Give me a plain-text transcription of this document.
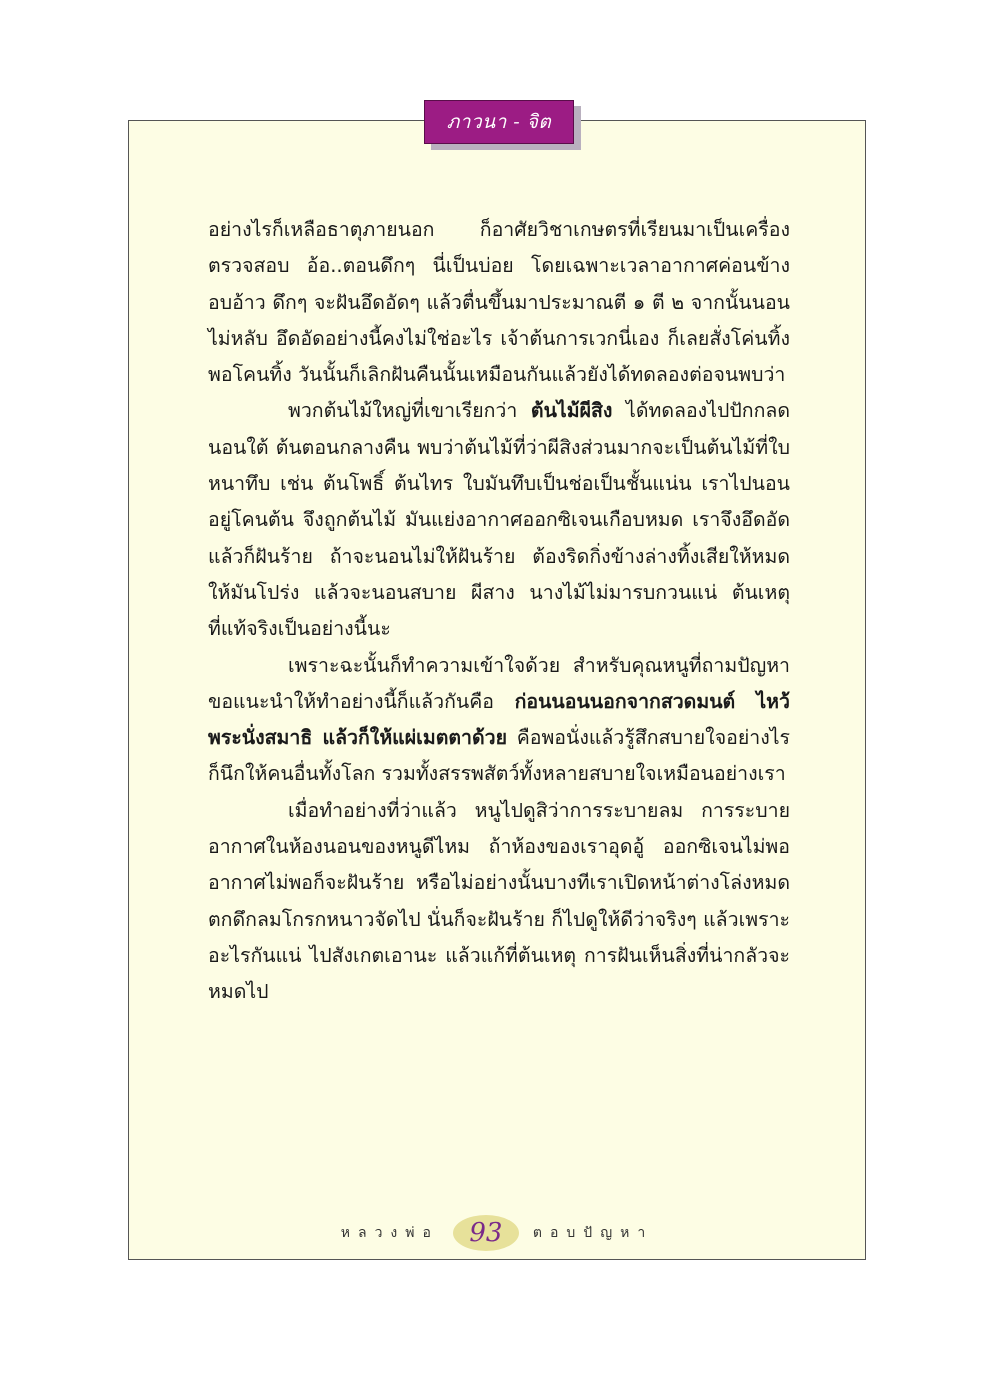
ภาวนา - จิต

อย่างไรก็เหลือธาตุภายนอก ก็อาศัยวิชาเกษตรที่เรียนมาเป็นเครื่องตรวจสอบ อ้อ..ตอนดึกๆ นี่เป็นบ่อย โดยเฉพาะเวลาอากาศค่อนข้างอบอ้าว ดึกๆ จะฝันอึดอัดๆ แล้วตื่นขึ้นมาประมาณตี ๑ ตี ๒ จากนั้นนอนไม่หลับ อึดอัดอย่างนี้คงไม่ใช่อะไร เจ้าต้นการเวกนี่เอง ก็เลยสั่งโค่นทิ้ง พอโคนทิ้ง วันนั้นก็เลิกฝันคืนนั้นเหมือนกันแล้วยังได้ทดลองต่อจนพบว่า

พวกต้นไม้ใหญ่ที่เขาเรียกว่า ต้นไม้ผีสิง ได้ทดลองไปปักกลดนอนใต้ ต้นตอนกลางคืน พบว่าต้นไม้ที่ว่าผีสิงส่วนมากจะเป็นต้นไม้ที่ใบหนาทึบ เช่น ต้นโพธิ์ ต้นไทร ใบมันทึบเป็นช่อเป็นชั้นแน่น เราไปนอนอยู่โคนต้น จึงถูกต้นไม้ มันแย่งอากาศออกซิเจนเกือบหมด เราจึงอึดอัดแล้วก็ฝันร้าย ถ้าจะนอนไม่ให้ฝันร้าย ต้องริดกิ่งข้างล่างทิ้งเสียให้หมด ให้มันโปร่ง แล้วจะนอนสบาย ผีสาง นางไม้ไม่มารบกวนแน่ ต้นเหตุที่แท้จริงเป็นอย่างนี้นะ

เพราะฉะนั้นก็ทำความเข้าใจด้วย สำหรับคุณหนูที่ถามปัญหาขอแนะนำให้ทำอย่างนี้ก็แล้วกันคือ ก่อนนอนนอกจากสวดมนต์ ไหว้พระนั่งสมาธิ แล้วก็ให้แผ่เมตตาด้วย คือพอนั่งแล้วรู้สึกสบายใจอย่างไร ก็นึกให้คนอื่นทั้งโลก รวมทั้งสรรพสัตว์ทั้งหลายสบายใจเหมือนอย่างเรา

เมื่อทำอย่างที่ว่าแล้ว หนูไปดูสิว่าการระบายลม การระบายอากาศในห้องนอนของหนูดีไหม ถ้าห้องของเราอุดอู้ ออกซิเจนไม่พออากาศไม่พอก็จะฝันร้าย หรือไม่อย่างนั้นบางทีเราเปิดหน้าต่างโล่งหมดตกดึกลมโกรกหนาวจัดไป นั่นก็จะฝันร้าย ก็ไปดูให้ดีว่าจริงๆ แล้วเพราะอะไรกันแน่ ไปสังเกตเอานะ แล้วแก้ที่ต้นเหตุ การฝันเห็นสิ่งที่น่ากลัวจะหมดไป

หลวงพ่อ 93 ตอบปัญหา
